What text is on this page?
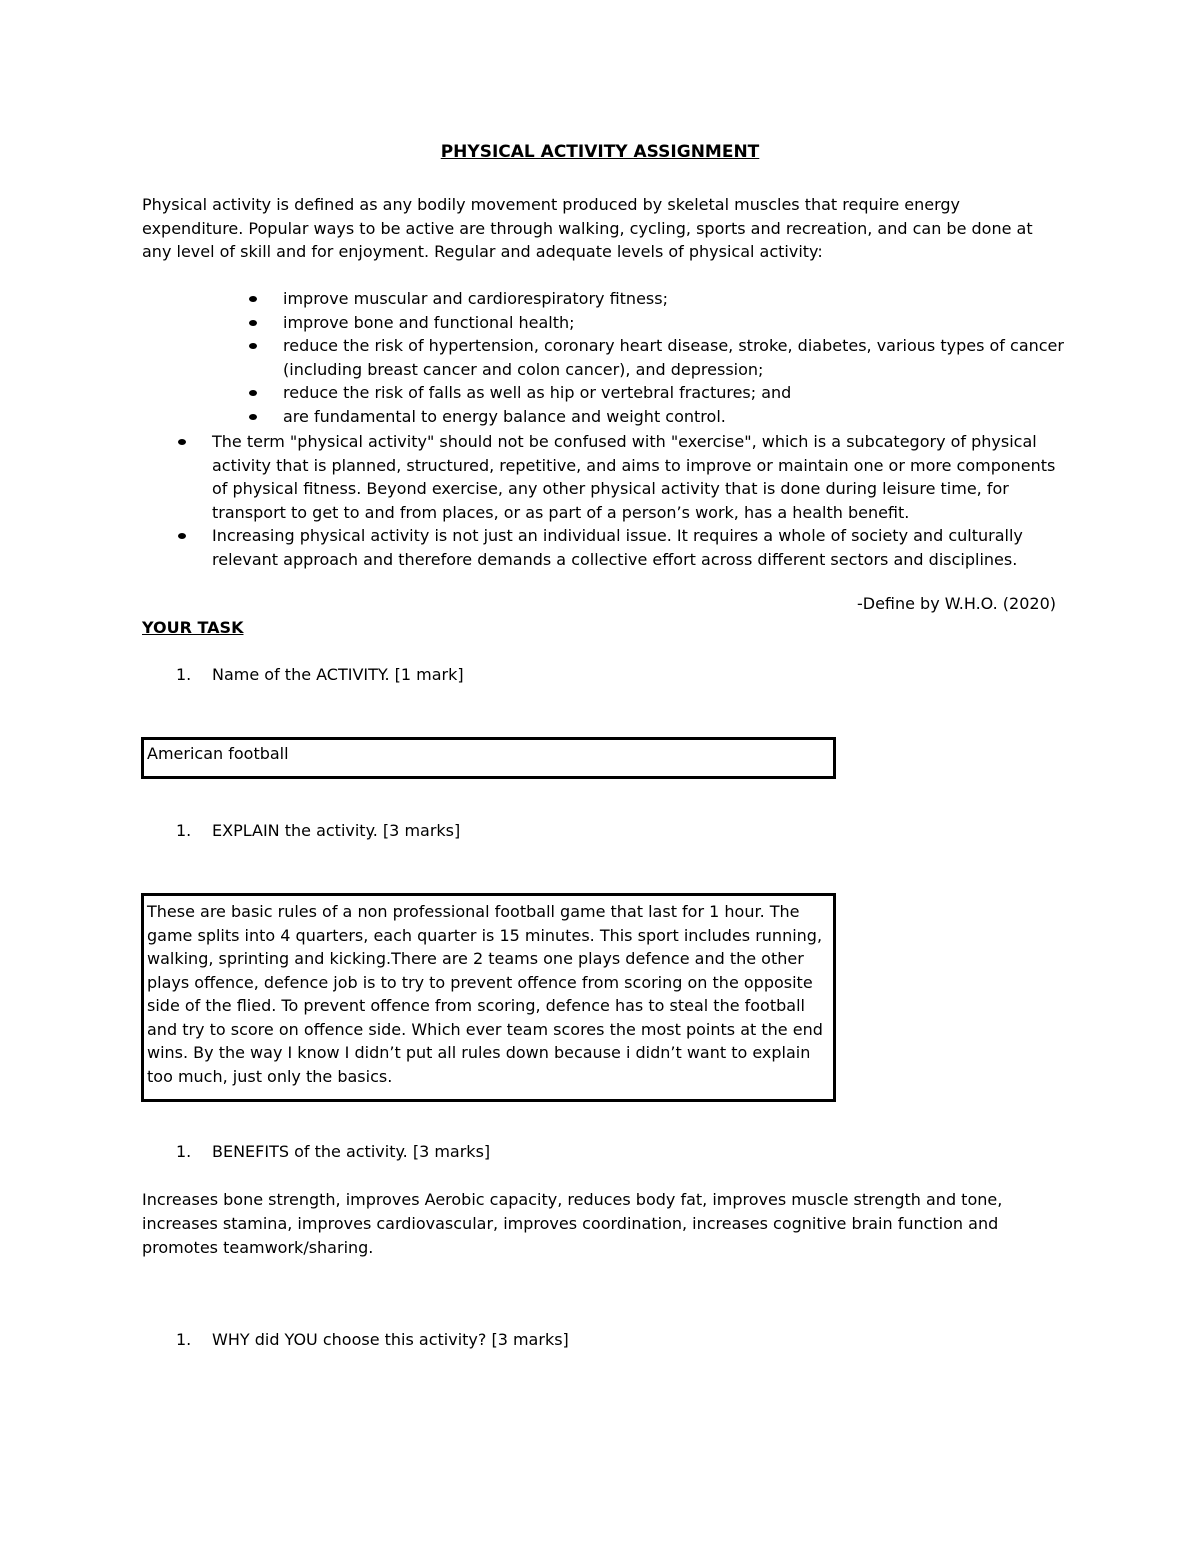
PHYSICAL ACTIVITY ASSIGNMENT

Physical activity is defined as any bodily movement produced by skeletal muscles that require energy expenditure. Popular ways to be active are through walking, cycling, sports and recreation, and can be done at any level of skill and for enjoyment. Regular and adequate levels of physical activity:

improve muscular and cardiorespiratory fitness;
improve bone and functional health;
reduce the risk of hypertension, coronary heart disease, stroke, diabetes, various types of cancer (including breast cancer and colon cancer), and depression;
reduce the risk of falls as well as hip or vertebral fractures; and
are fundamental to energy balance and weight control.
The term "physical activity" should not be confused with "exercise", which is a subcategory of physical activity that is planned, structured, repetitive, and aims to improve or maintain one or more components of physical fitness. Beyond exercise, any other physical activity that is done during leisure time, for transport to get to and from places, or as part of a person’s work, has a health benefit.
Increasing physical activity is not just an individual issue. It requires a whole of society and culturally relevant approach and therefore demands a collective effort across different sectors and disciplines.
-Define by W.H.O. (2020)
YOUR TASK
1. Name of the ACTIVITY. [1 mark]
American football
1. EXPLAIN the activity. [3 marks]
These are basic rules of a non professional football game that last for 1 hour. The game splits into 4 quarters, each quarter is 15 minutes. This sport includes running, walking, sprinting and kicking.There are 2 teams one plays defence and the other plays offence, defence job is to try to prevent offence from scoring on the opposite side of the flied. To prevent offence from scoring, defence has to steal the football and try to score on offence side. Which ever team scores the most points at the end wins. By the way I know I didn’t put all rules down because i didn’t want to explain too much, just only the basics.
1. BENEFITS of the activity. [3 marks]

Increases bone strength, improves Aerobic capacity, reduces body fat, improves muscle strength and tone, increases stamina, improves cardiovascular, improves coordination, increases cognitive brain function and promotes teamwork/sharing.

1. WHY did YOU choose this activity? [3 marks]
